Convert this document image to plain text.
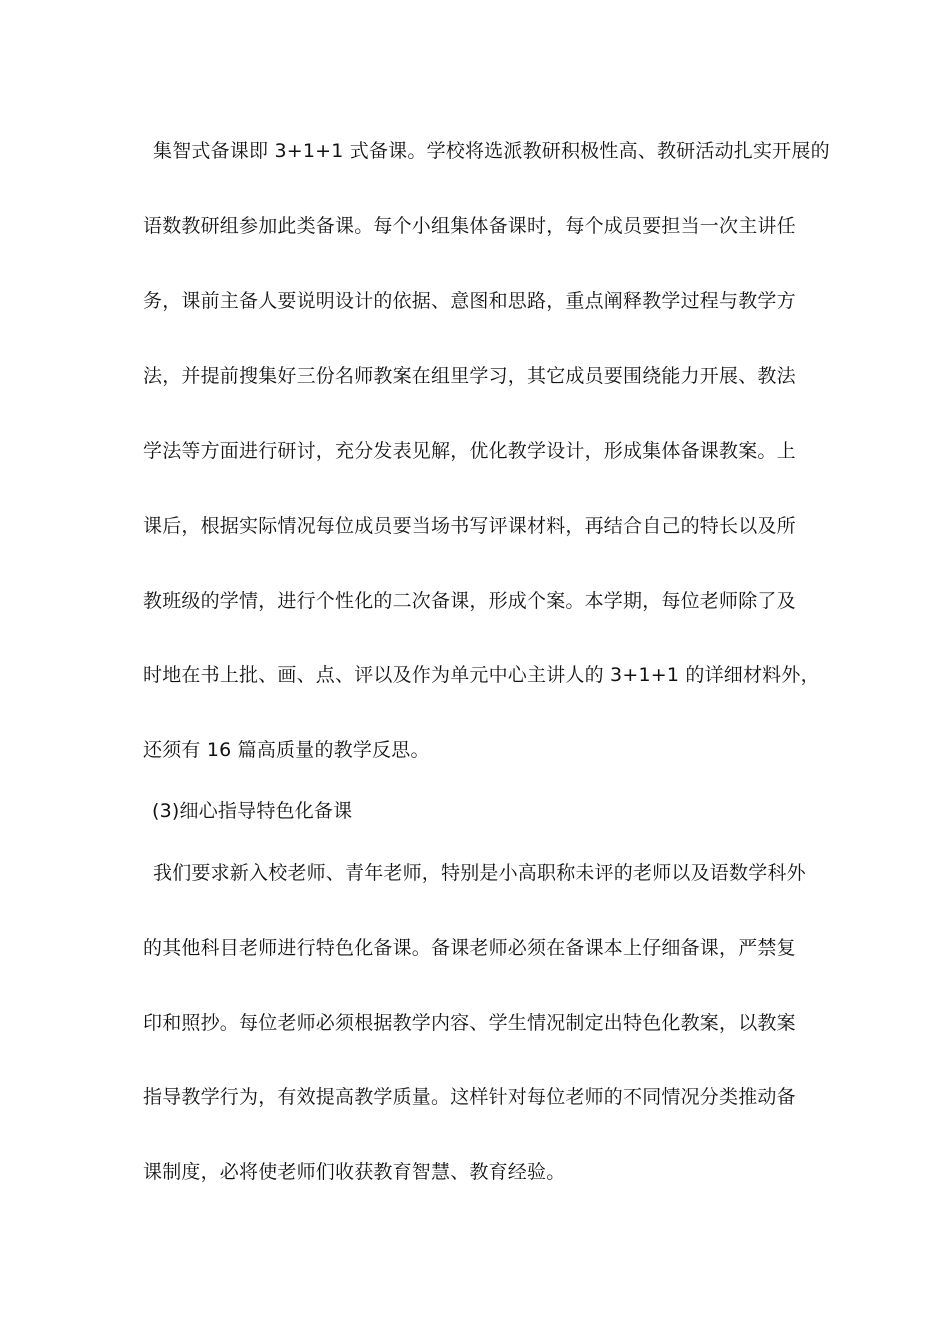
集智式备课即 3+1+1 式备课。学校将选派教研积极性高、教研活动扎实开展的
语数教研组参加此类备课。每个小组集体备课时，每个成员要担当一次主讲任
务，课前主备人要说明设计的依据、意图和思路，重点阐释教学过程与教学方
法，并提前搜集好三份名师教案在组里学习，其它成员要围绕能力开展、教法
学法等方面进行研讨，充分发表见解，优化教学设计，形成集体备课教案。上
课后，根据实际情况每位成员要当场书写评课材料，再结合自己的特长以及所
教班级的学情，进行个性化的二次备课，形成个案。本学期，每位老师除了及
时地在书上批、画、点、评以及作为单元中心主讲人的 3+1+1 的详细材料外，
还须有 16 篇高质量的教学反思。
(3)细心指导特色化备课
我们要求新入校老师、青年老师，特别是小高职称未评的老师以及语数学科外
的其他科目老师进行特色化备课。备课老师必须在备课本上仔细备课，严禁复
印和照抄。每位老师必须根据教学内容、学生情况制定出特色化教案，以教案
指导教学行为，有效提高教学质量。这样针对每位老师的不同情况分类推动备
课制度，必将使老师们收获教育智慧、教育经验。
